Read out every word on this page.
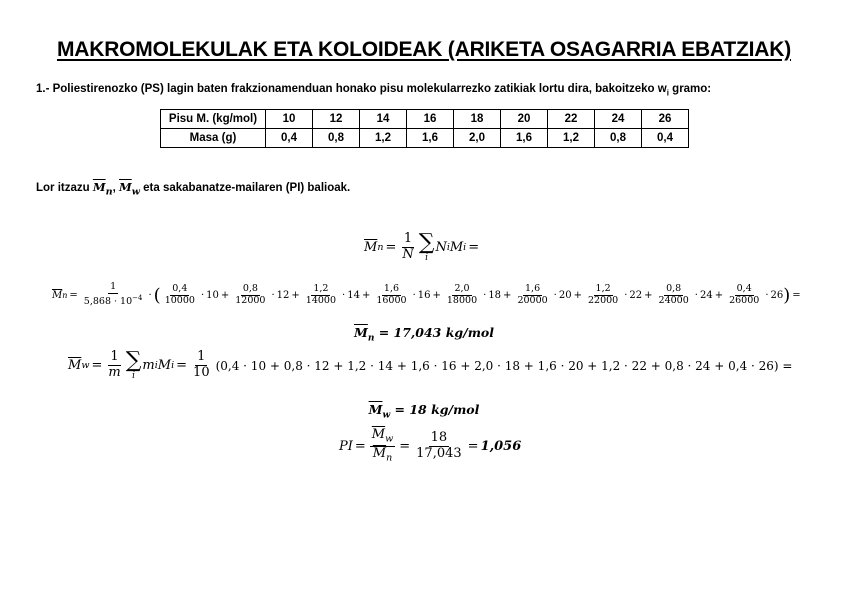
MAKROMOLEKULAK ETA KOLOIDEAK (ARIKETA OSAGARRIA EBATZIAK)
1.- Poliestirenozko (PS) lagin baten frakzionamenduan honako pisu molekularrezko zatikiak lortu dira, bakoitzeko $w_i$ gramo:
Pisu M. (kg/mol)	10	12	14	16	18	20	22	24	26
Masa (g)	0,4	0,8	1,2	1,6	2,0	1,6	1,2	0,8	0,4
Lor itzazu $\overline{M}_n$, $\overline{M}_w$ eta sakabanatze-mailaren (PI) balioak.
$\overline{M}$ $n = \frac{1}{N}$ ∑
i
N i M i =
$\overline{M}$ $n = \frac{1}{5,868 \cdot 10^{-4}}$ · ( $\frac{0,4}{10000} \cdot 10 + \frac{0,8}{12000} \cdot 12 + \frac{1,2}{14000} \cdot 14 + \frac{1,6}{16000} \cdot 16 + \frac{2,0}{18000} \cdot 18 + \frac{1,6}{20000} \cdot 20 + \frac{1,2}{22000} \cdot 22 + \frac{0,8}{24000} \cdot 24 + \frac{0,4}{26000} \cdot 26$ ) =
$\overline{M}_n = 17,043$ kg/mol
$\overline{M}$ $w = \frac{1}{m}$ ∑
i
m i M $i = \frac{1}{10} (0,4 \cdot 10 + 0,8 \cdot 12 + 1,2 \cdot 14 + 1,6 \cdot 16 + 2,0 \cdot 18 + 1,6 \cdot 20 + 1,2 \cdot 22 + 0,8 \cdot 24 + 0,4 \cdot 26)$ =
$\overline{M}_w = 18$ kg/mol
PI = $\frac{\overline{M}_w}{\overline{M}_n} = \frac{18}{17,043} = 1,056$
